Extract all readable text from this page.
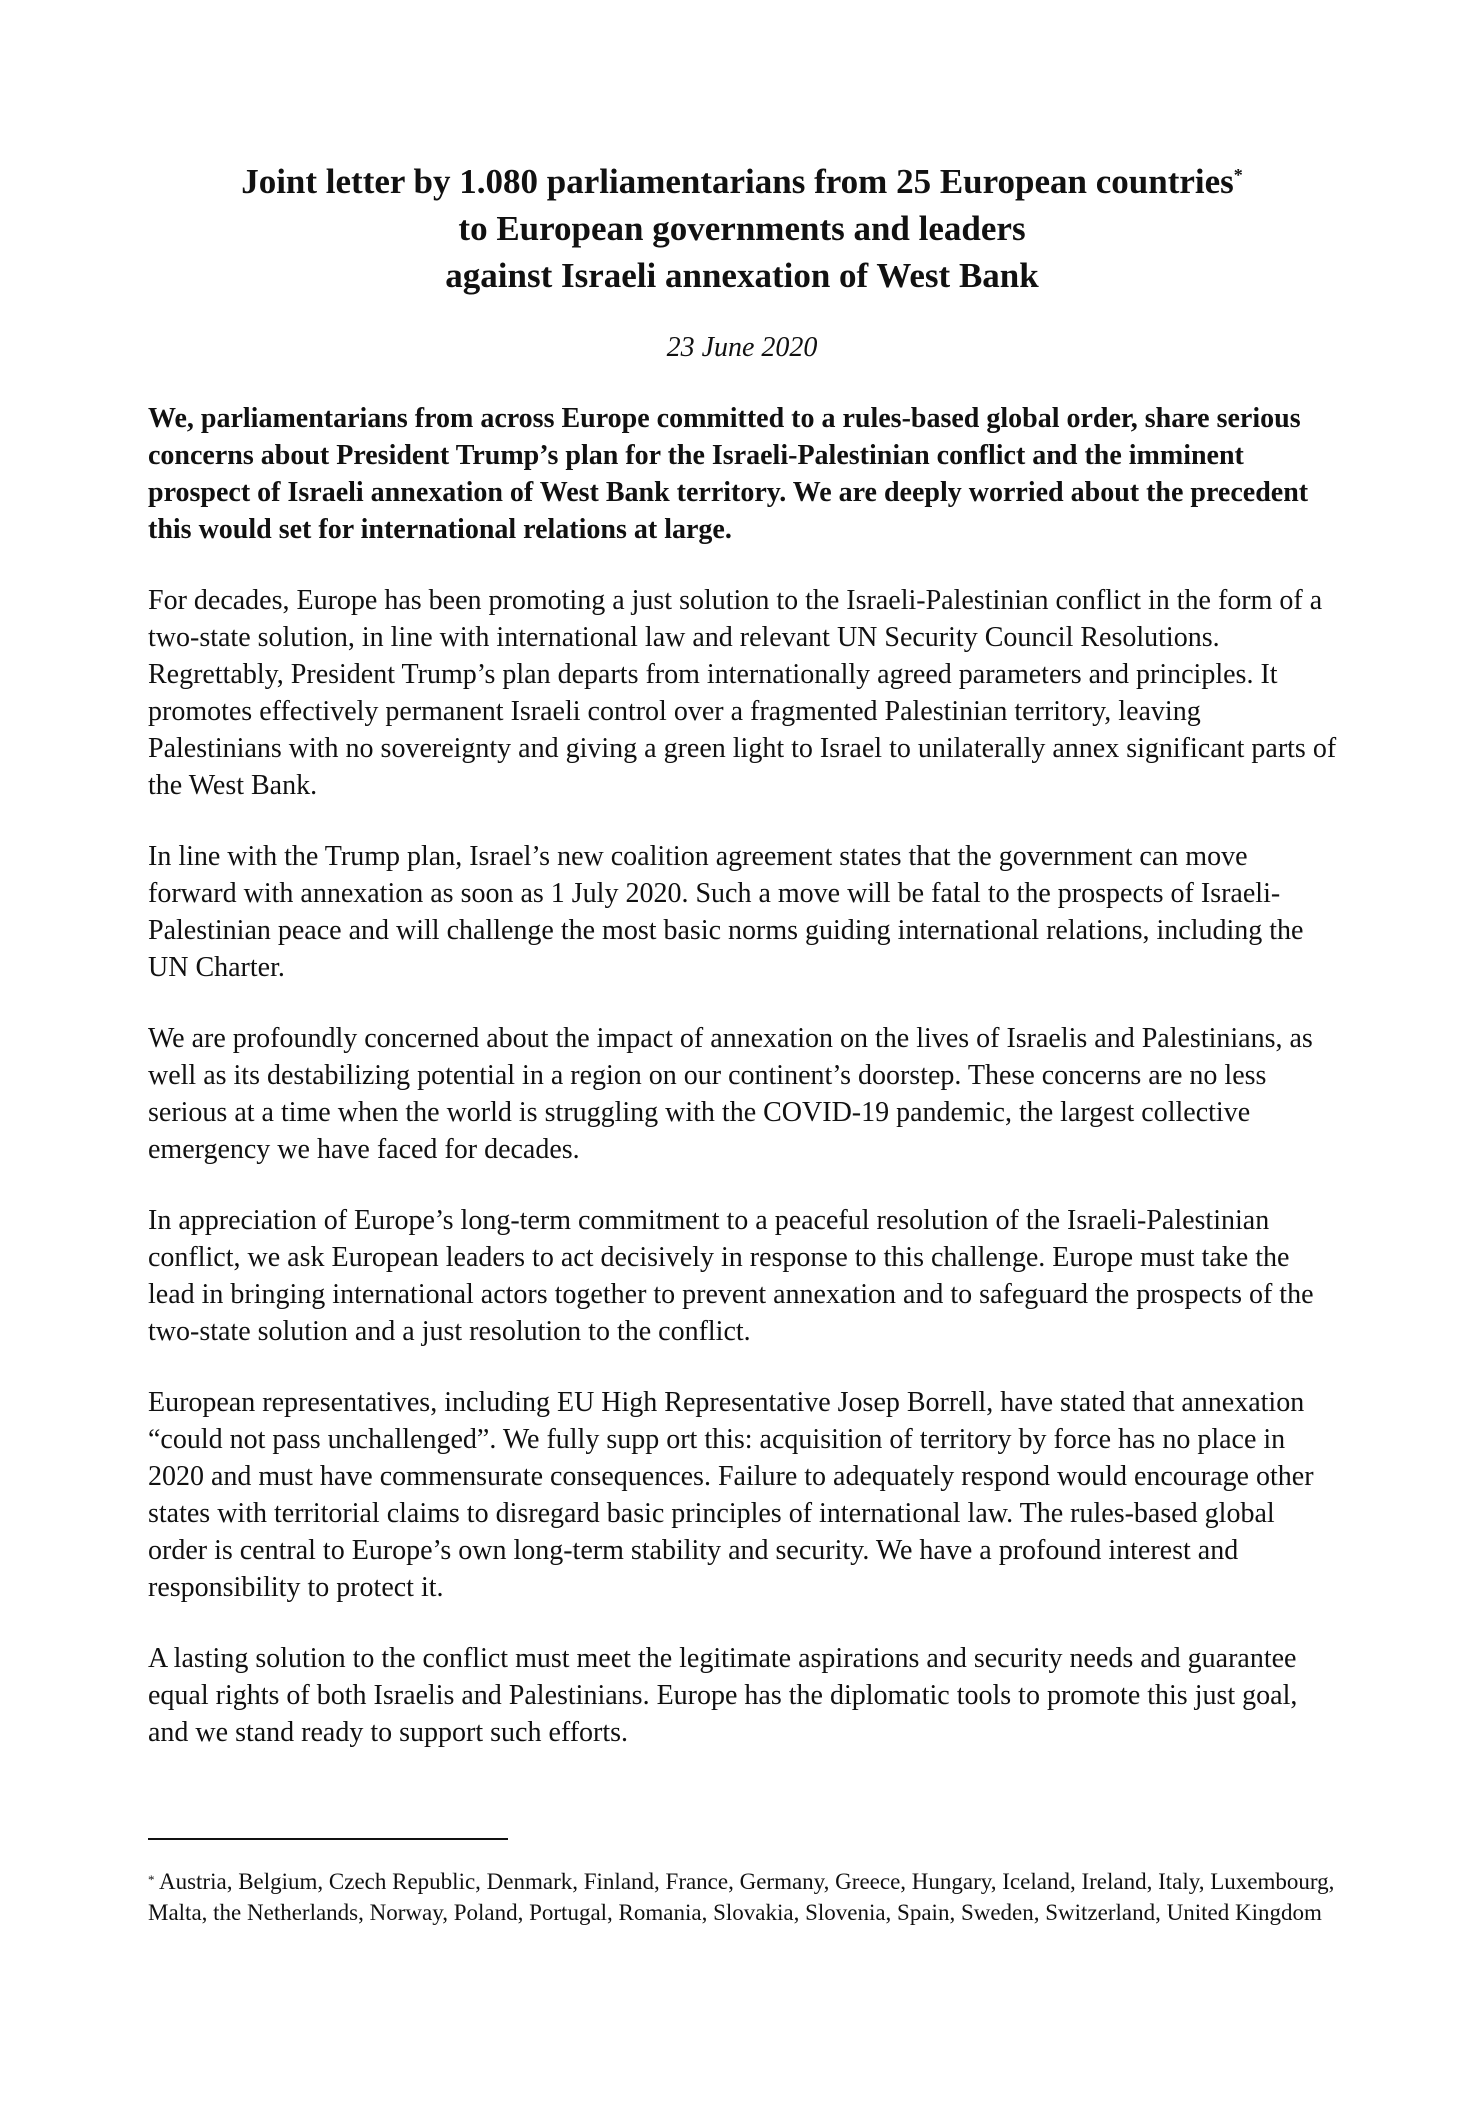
Joint letter by 1.080 parliamentarians from 25 European countries*
to European governments and leaders
against Israeli annexation of West Bank

23 June 2020

We, parliamentarians from across Europe committed to a rules-based global order, share serious concerns about President Trump’s plan for the Israeli-Palestinian conflict and the imminent prospect of Israeli annexation of West Bank territory. We are deeply worried about the precedent this would set for international relations at large.

For decades, Europe has been promoting a just solution to the Israeli-Palestinian conflict in the form of a two-state solution, in line with international law and relevant UN Security Council Resolutions. Regrettably, President Trump’s plan departs from internationally agreed parameters and principles. It promotes effectively permanent Israeli control over a fragmented Palestinian territory, leaving Palestinians with no sovereignty and giving a green light to Israel to unilaterally annex significant parts of the West Bank.

In line with the Trump plan, Israel’s new coalition agreement states that the government can move forward with annexation as soon as 1 July 2020. Such a move will be fatal to the prospects of Israeli- Palestinian peace and will challenge the most basic norms guiding international relations, including the UN Charter.

We are profoundly concerned about the impact of annexation on the lives of Israelis and Palestinians, as well as its destabilizing potential in a region on our continent’s doorstep. These concerns are no less serious at a time when the world is struggling with the COVID-19 pandemic, the largest collective emergency we have faced for decades.

In appreciation of Europe’s long-term commitment to a peaceful resolution of the Israeli-Palestinian conflict, we ask European leaders to act decisively in response to this challenge. Europe must take the lead in bringing international actors together to prevent annexation and to safeguard the prospects of the two-state solution and a just resolution to the conflict.

European representatives, including EU High Representative Josep Borrell, have stated that annexation “could not pass unchallenged”. We fully supp ort this: acquisition of territory by force has no place in 2020 and must have commensurate consequences. Failure to adequately respond would encourage other states with territorial claims to disregard basic principles of international law. The rules-based global order is central to Europe’s own long-term stability and security. We have a profound interest and responsibility to protect it.

A lasting solution to the conflict must meet the legitimate aspirations and security needs and guarantee equal rights of both Israelis and Palestinians. Europe has the diplomatic tools to promote this just goal, and we stand ready to support such efforts.

* Austria, Belgium, Czech Republic, Denmark, Finland, France, Germany, Greece, Hungary, Iceland, Ireland, Italy, Luxembourg, Malta, the Netherlands, Norway, Poland, Portugal, Romania, Slovakia, Slovenia, Spain, Sweden, Switzerland, United Kingdom
